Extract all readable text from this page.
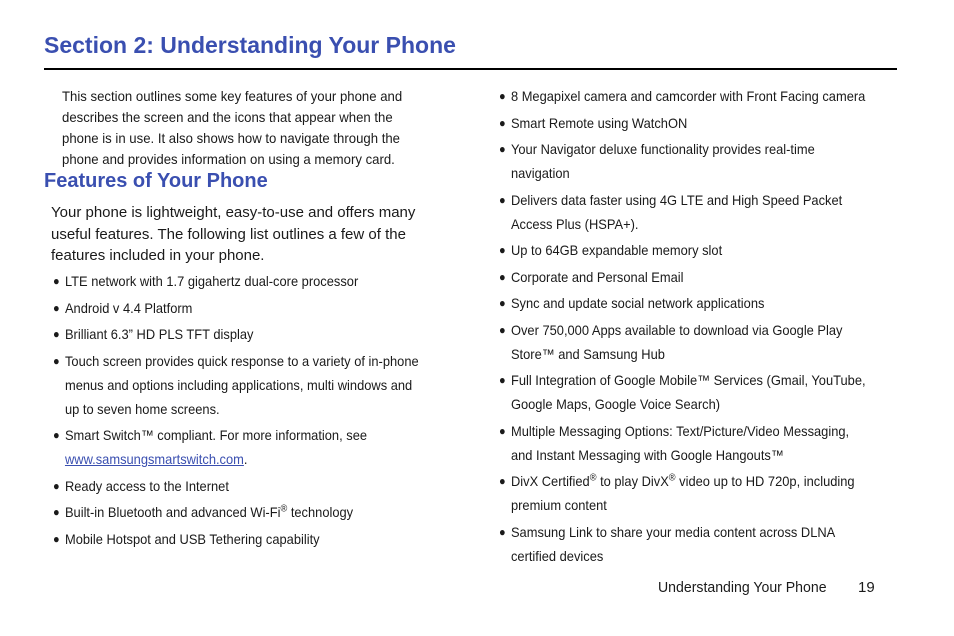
Section 2: Understanding Your Phone

This section outlines some key features of your phone and describes the screen and the icons that appear when the phone is in use. It also shows how to navigate through the phone and provides information on using a memory card.

Features of Your Phone

Your phone is lightweight, easy-to-use and offers many useful features. The following list outlines a few of the features included in your phone.

● LTE network with 1.7 gigahertz dual-core processor
● Android v 4.4 Platform
● Brilliant 6.3” HD PLS TFT display
● Touch screen provides quick response to a variety of in-phone menus and options including applications, multi windows and up to seven home screens.
● Smart Switch™ compliant. For more information, see www.samsungsmartswitch.com.
● Ready access to the Internet
● Built-in Bluetooth and advanced Wi-Fi® technology
● Mobile Hotspot and USB Tethering capability
● 8 Megapixel camera and camcorder with Front Facing camera
● Smart Remote using WatchON
● Your Navigator deluxe functionality provides real-time navigation
● Delivers data faster using 4G LTE and High Speed Packet Access Plus (HSPA+).
● Up to 64GB expandable memory slot
● Corporate and Personal Email
● Sync and update social network applications
● Over 750,000 Apps available to download via Google Play Store™ and Samsung Hub
● Full Integration of Google Mobile™ Services (Gmail, YouTube, Google Maps, Google Voice Search)
● Multiple Messaging Options: Text/Picture/Video Messaging, and Instant Messaging with Google Hangouts™
● DivX Certified® to play DivX® video up to HD 720p, including premium content
● Samsung Link to share your media content across DLNA certified devices

Understanding Your Phone 19
